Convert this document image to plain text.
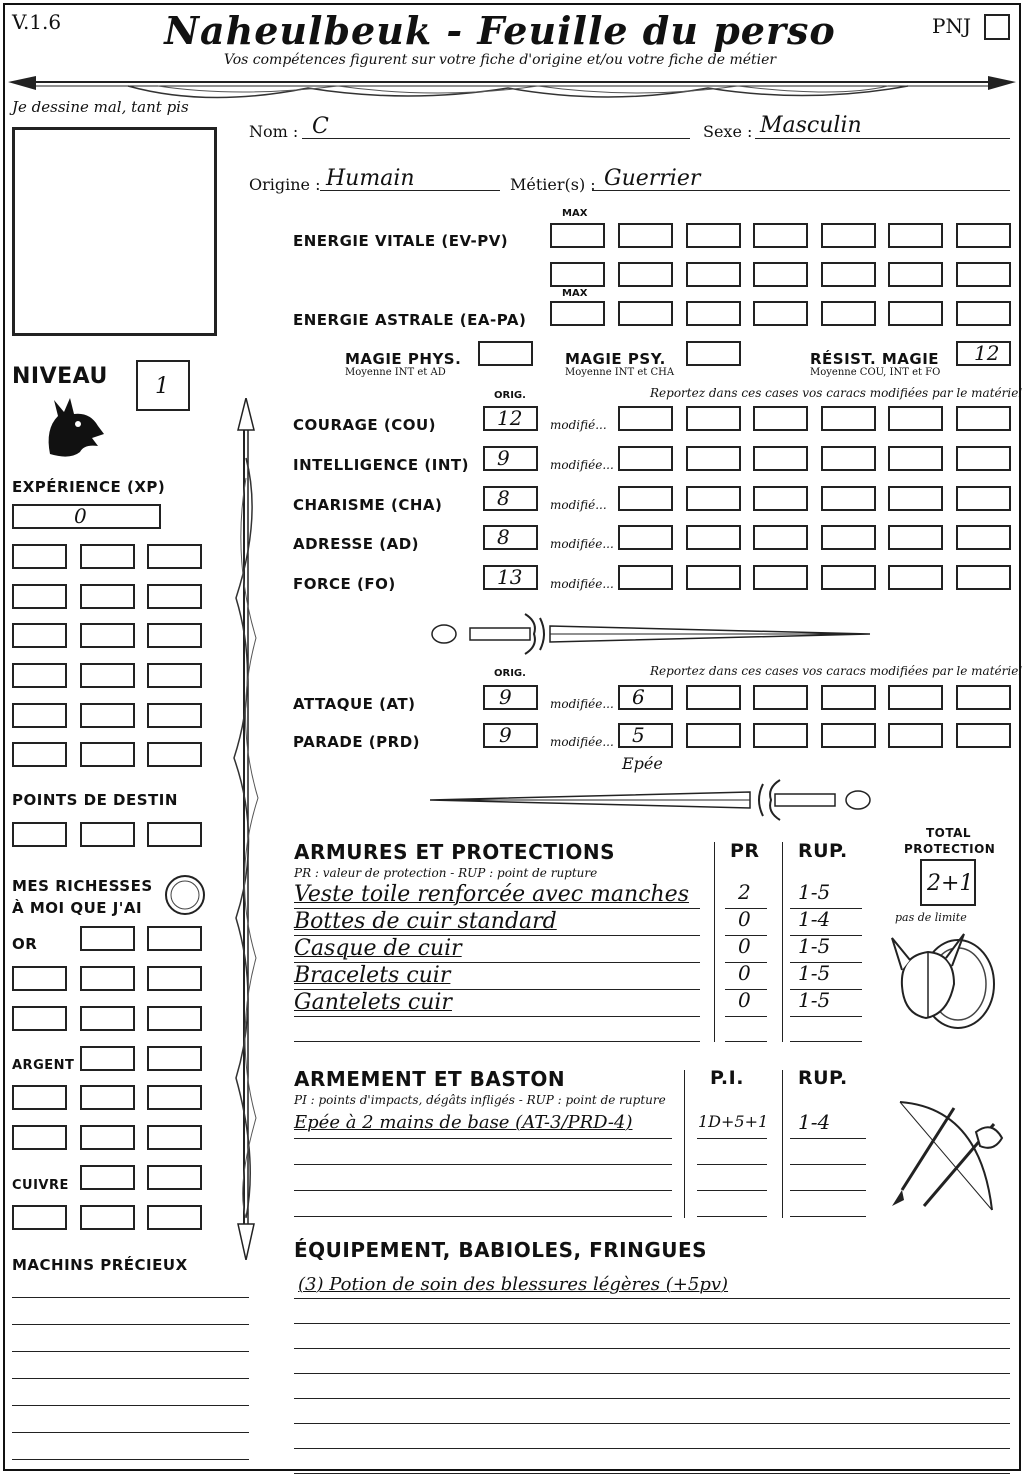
V.1.6	Naheulbeuk - Feuille du perso
Vos compétences figurent sur votre fiche d'origine et/ou votre fiche de métier
PNJ
Je dessine mal, tant pis
Nom : C	Sexe : Masculin
Origine : Humain	Métier(s) : Guerrier
MAX
ENERGIE VITALE (EV-PV)
MAX
ENERGIE ASTRALE (EA-PA)
MAGIE PHYS.
Moyenne INT et AD
MAGIE PSY.
Moyenne INT et CHA
RÉSIST. MAGIE
Moyenne COU, INT et FO
12
ORIG.	Reportez dans ces cases vos caracs modifiées par le matériel
ORIG.	Reportez dans ces cases vos caracs modifiées par le matériel
Epée
NIVEAU 1
EXPÉRIENCE (XP)
0
POINTS DE DESTIN
MES RICHESSES
À MOI QUE J'AI
OR
ARGENT
CUIVRE
MACHINS PRÉCIEUX
ARMURES ET PROTECTIONS
PR : valeur de protection - RUP : point de rupture
PR RUP.
TOTAL
PROTECTION
2+1
pas de limite
ARMEMENT ET BASTON
PI : points d'impacts, dégâts infligés - RUP : point de rupture
P.I.	RUP.
ÉQUIPEMENT, BABIOLES, FRINGUES
(3) Potion de soin des blessures légères (+5pv)
COURAGE (COU)	12 modifié...
INTELLIGENCE (INT) 9	modifiée...
CHARISME (CHA)	8	modifié...
ADRESSE (AD)	8	modifiée...
FORCE (FO)	13 modifiée...
ATTAQUE (AT)	9	modifiée... 6
PARADE (PRD)	9	modifiée... 5
Veste toile renforcée avec manches 2 1-5
Bottes de cuir standard	0 1-4
Casque de cuir	0 1-5
Bracelets cuir	0 1-5
Gantelets cuir	0 1-5
Epée à 2 mains de base (AT-3/PRD-4)	1D+5+1 1-4
